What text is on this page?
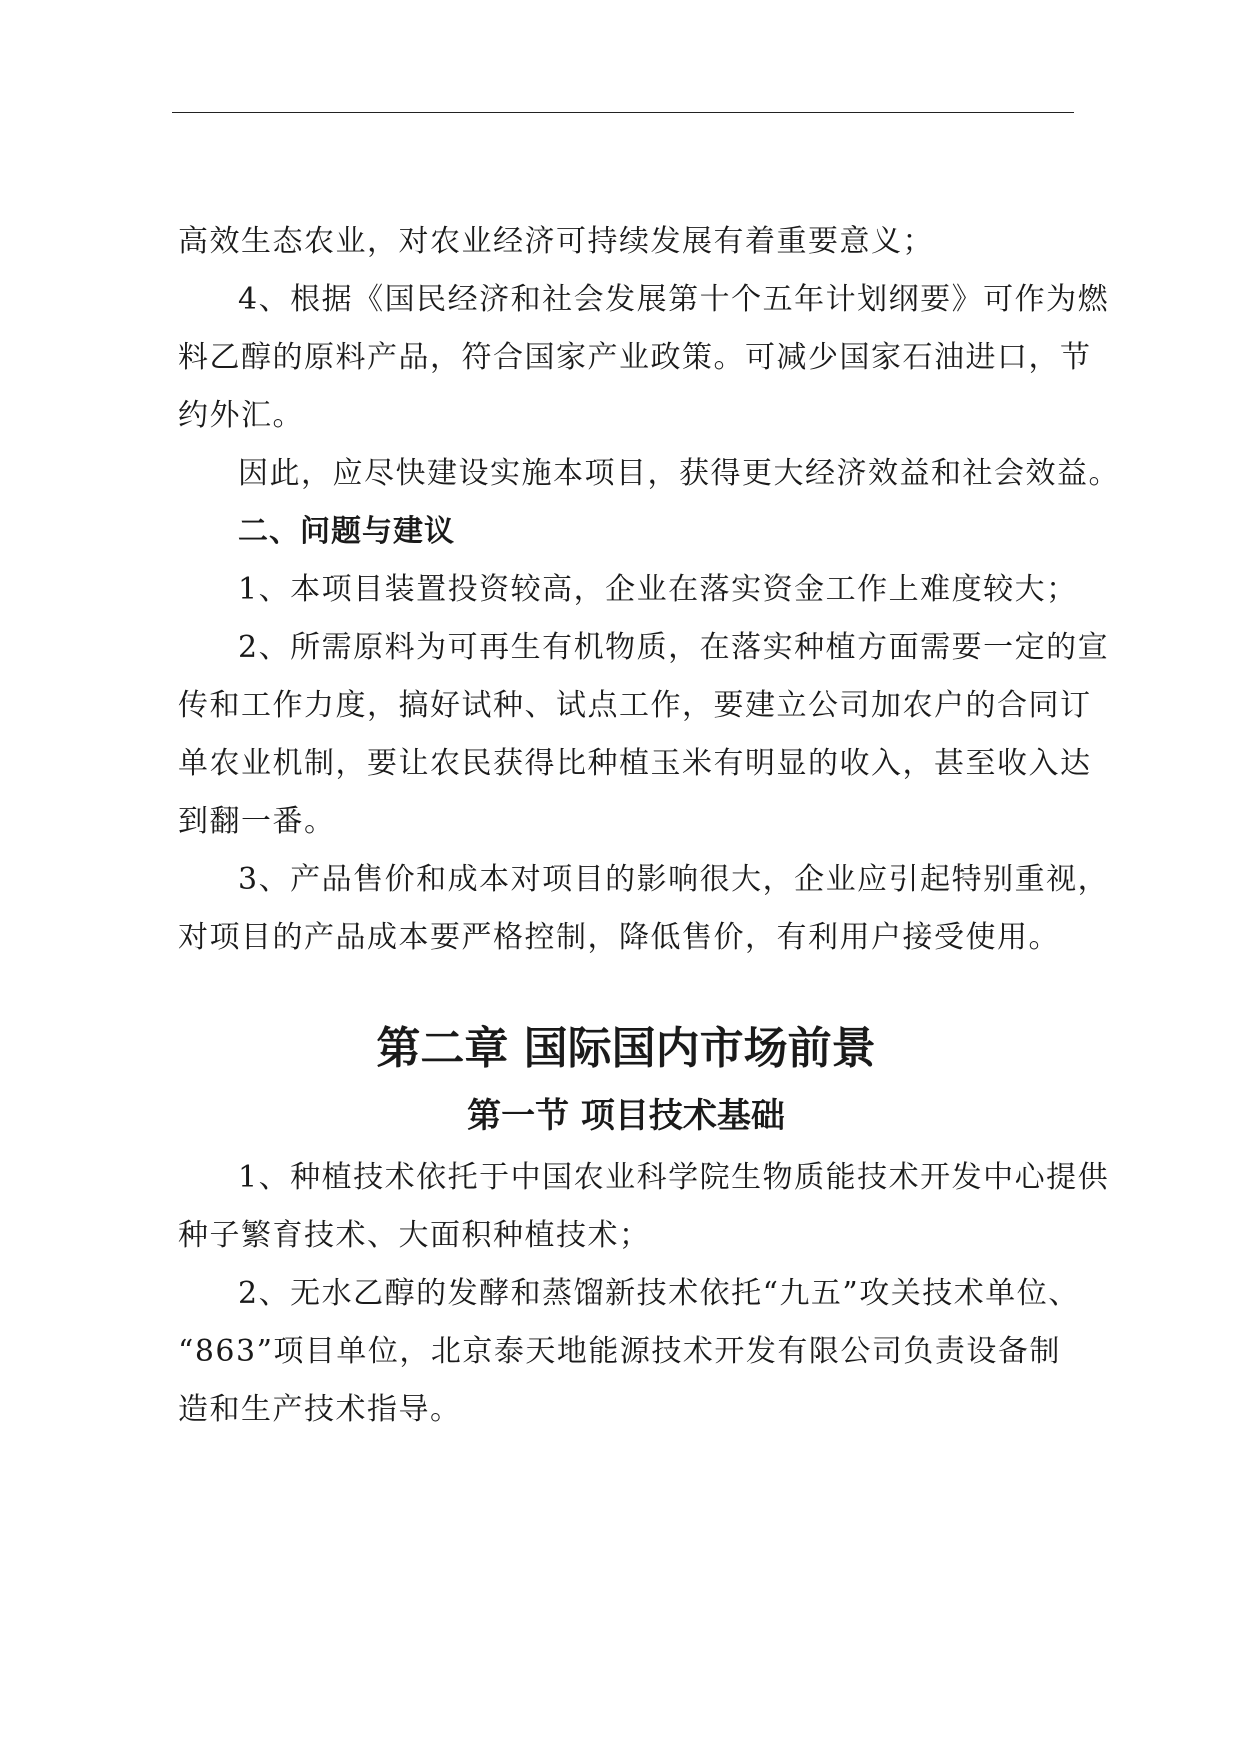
高效生态农业，对农业经济可持续发展有着重要意义；
4、根据《国民经济和社会发展第十个五年计划纲要》可作为燃
料乙醇的原料产品，符合国家产业政策。可减少国家石油进口，节
约外汇。
因此，应尽快建设实施本项目，获得更大经济效益和社会效益。
二、问题与建议
1、本项目装置投资较高，企业在落实资金工作上难度较大；
2、所需原料为可再生有机物质，在落实种植方面需要一定的宣
传和工作力度，搞好试种、试点工作，要建立公司加农户的合同订
单农业机制，要让农民获得比种植玉米有明显的收入，甚至收入达
到翻一番。
3、产品售价和成本对项目的影响很大，企业应引起特别重视，
对项目的产品成本要严格控制，降低售价，有利用户接受使用。
第二章 国际国内市场前景
第一节 项目技术基础
1、种植技术依托于中国农业科学院生物质能技术开发中心提供
种子繁育技术、大面积种植技术；
2、无水乙醇的发酵和蒸馏新技术依托“九五”攻关技术单位、
“863”项目单位，北京泰天地能源技术开发有限公司负责设备制
造和生产技术指导。
